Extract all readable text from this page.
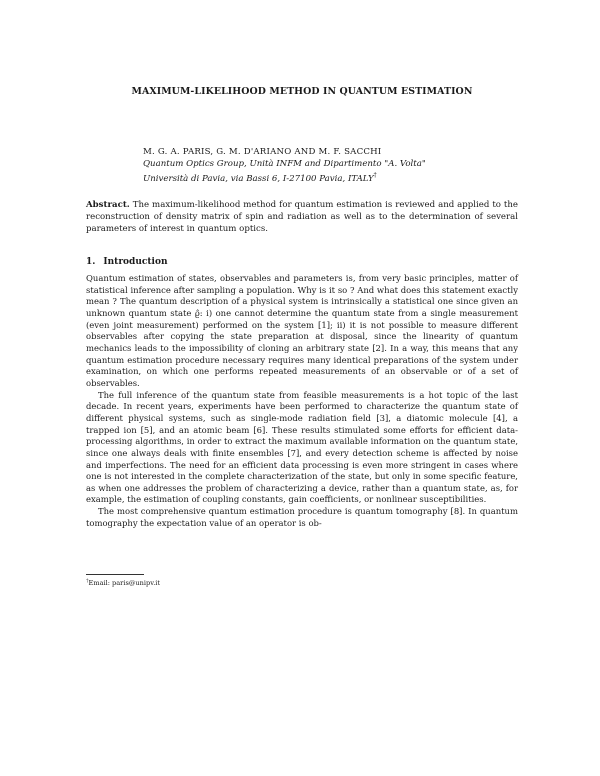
MAXIMUM-LIKELIHOOD METHOD IN QUANTUM ESTIMATION
M. G. A. PARIS, G. M. D'ARIANO AND M. F. SACCHI
Quantum Optics Group, Unità INFM and Dipartimento "A. Volta"
Università di Pavia, via Bassi 6, I-27100 Pavia, ITALY†
Abstract. The maximum-likelihood method for quantum estimation is reviewed and applied to the reconstruction of density matrix of spin and radiation as well as to the determination of several parameters of interest in quantum optics.
1. Introduction

Quantum estimation of states, observables and parameters is, from very basic principles, matter of statistical inference after sampling a population. Why is it so ? And what does this statement exactly mean ? The quantum description of a physical system is intrinsically a statistical one since given an unknown quantum state ϱ̂: i) one cannot determine the quantum state from a single measurement (even joint measurement) performed on the system [1]; ii) it is not possible to measure different observables after copying the state preparation at disposal, since the linearity of quantum mechanics leads to the impossibility of cloning an arbitrary state [2]. In a way, this means that any quantum estimation procedure necessary requires many identical preparations of the system under examination, on which one performs repeated measurements of an observable or of a set of observables.

The full inference of the quantum state from feasible measurements is a hot topic of the last decade. In recent years, experiments have been performed to characterize the quantum state of different physical systems, such as single-mode radiation field [3], a diatomic molecule [4], a trapped ion [5], and an atomic beam [6]. These results stimulated some efforts for efficient data-processing algorithms, in order to extract the maximum available information on the quantum state, since one always deals with finite ensembles [7], and every detection scheme is affected by noise and imperfections. The need for an efficient data processing is even more stringent in cases where one is not interested in the complete characterization of the state, but only in some specific feature, as when one addresses the problem of characterizing a device, rather than a quantum state, as, for example, the estimation of coupling constants, gain coefficients, or nonlinear susceptibilities.

The most comprehensive quantum estimation procedure is quantum tomography [8]. In quantum tomography the expectation value of an operator is ob-

†Email: paris@unipv.it
